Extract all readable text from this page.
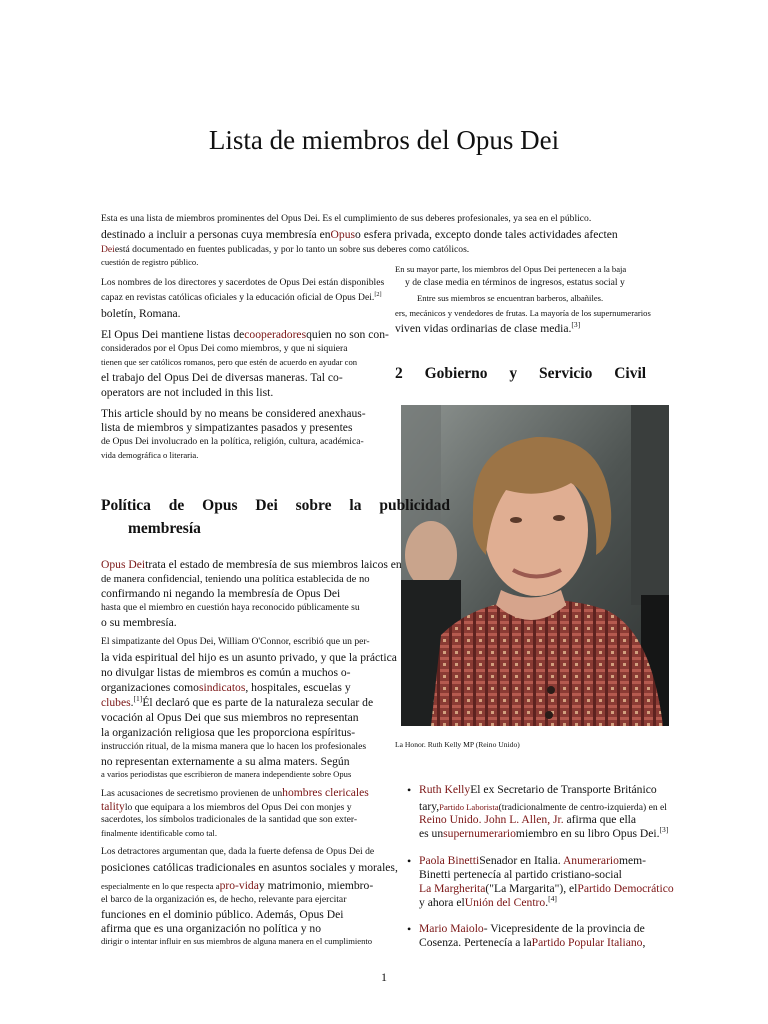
Lista de miembros del Opus Dei
Esta es una lista de miembros prominentes del Opus Dei. Es el cumplimiento de sus deberes profesionales, ya sea en el público.
destinado a incluir a personas cuya membresía enOpuso esfera privada, excepto donde tales actividades afecten
Deiestá documentado en fuentes publicadas, y por lo tanto un sobre sus deberes como católicos.
cuestión de registro público.
Los nombres de los directores y sacerdotes de Opus Dei están disponibles
capaz en revistas católicas oficiales y la educación oficial de Opus Dei.[2]
boletín, Romana.
En su mayor parte, los miembros del Opus Dei pertenecen a la baja
y de clase media en términos de ingresos, estatus social y
Entre sus miembros se encuentran barberos, albañiles.
ers, mecánicos y vendedores de frutas. La mayoría de los supernumerarios
viven vidas ordinarias de clase media.[3]
El Opus Dei mantiene listas decooperadoresquien no son con-
considerados por el Opus Dei como miembros, y que ni siquiera
tienen que ser católicos romanos, pero que estén de acuerdo en ayudar con
el trabajo del Opus Dei de diversas maneras. Tal co-
operators are not included in this list.
This article should by no means be considered anexhaus-
lista de miembros y simpatizantes pasados y presentes
de Opus Dei involucrado en la política, religión, cultura, académica-
vida demográfica o literaria.
2 Gobierno y Servicio Civil
La Honor. Ruth Kelly MP (Reino Unido)
Política de Opus Dei sobre la publicidad
membresía
Opus Deitrata el estado de membresía de sus miembros laicos en
de manera confidencial, teniendo una política establecida de no
confirmando ni negando la membresía de Opus Dei
hasta que el miembro en cuestión haya reconocido públicamente su
o su membresía.
El simpatizante del Opus Dei, William O'Connor, escribió que un per-
la vida espiritual del hijo es un asunto privado, y que la práctica
no divulgar listas de miembros es común a muchos o-
organizaciones comosindicatos, hospitales, escuelas y
clubes.[1]Él declaró que es parte de la naturaleza secular de
vocación al Opus Dei que sus miembros no representan
la organización religiosa que les proporciona espíritus-
instrucción ritual, de la misma manera que lo hacen los profesionales
no representan externamente a su alma maters. Según
a varios periodistas que escribieron de manera independiente sobre Opus
Las acusaciones de secretismo provienen de unhombres clericales
talitylo que equipara a los miembros del Opus Dei con monjes y
sacerdotes, los símbolos tradicionales de la santidad que son exter-
finalmente identificable como tal.
Los detractores argumentan que, dada la fuerte defensa de Opus Dei de
posiciones católicas tradicionales en asuntos sociales y morales,
especialmente en lo que respecta apro-viday matrimonio, miembro-
el barco de la organización es, de hecho, relevante para ejercitar
funciones en el dominio público. Además, Opus Dei
afirma que es una organización no política y no
dirigir o intentar influir en sus miembros de alguna manera en el cumplimiento
• Ruth KellyEl ex Secretario de Transporte Británico
tary,Partido Laborista(tradicionalmente de centro-izquierda) en el
Reino Unido. John L. Allen, Jr. afirma que ella
es unsupernumerariomiembro en su libro Opus Dei.[3]
• Paola BinettiSenador en Italia. Anumerariomem-
Binetti pertenecía al partido cristiano-social
La Margherita("La Margarita"), elPartido Democrático
y ahora elUnión del Centro.[4]
• Mario Maiolo- Vicepresidente de la provincia de
Cosenza. Pertenecía a laPartido Popular Italiano,
1
